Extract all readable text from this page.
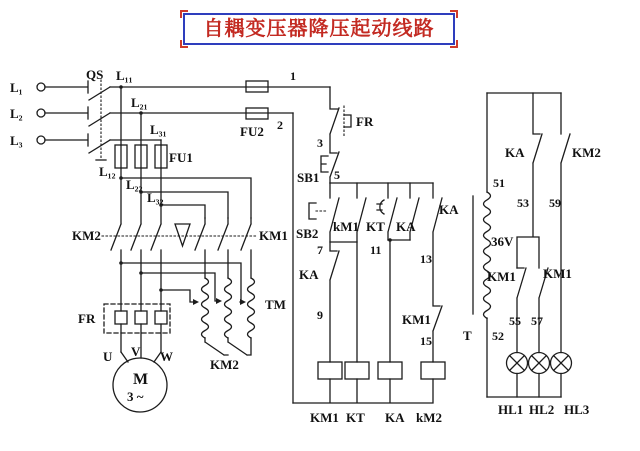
自耦变压器降压起动线路
L₁
L₂
L₃
QS L₁₁
L₂₁
L₃₁
FU1
L₁₂
L₂₂
L₃₂
KM2	KM1
TM
KM2
FR
U V W
M
3 ~
FU2
1
2	FR
3
SB1 5
SB2 kM1
7
KA
9
KT KA
11
KA
13
KM1
15
KM1 KT KA kM2
51
36V
T 52
KA
53
KM1
55
KM1
57
KM2
59
HL1 HL2 HL3
